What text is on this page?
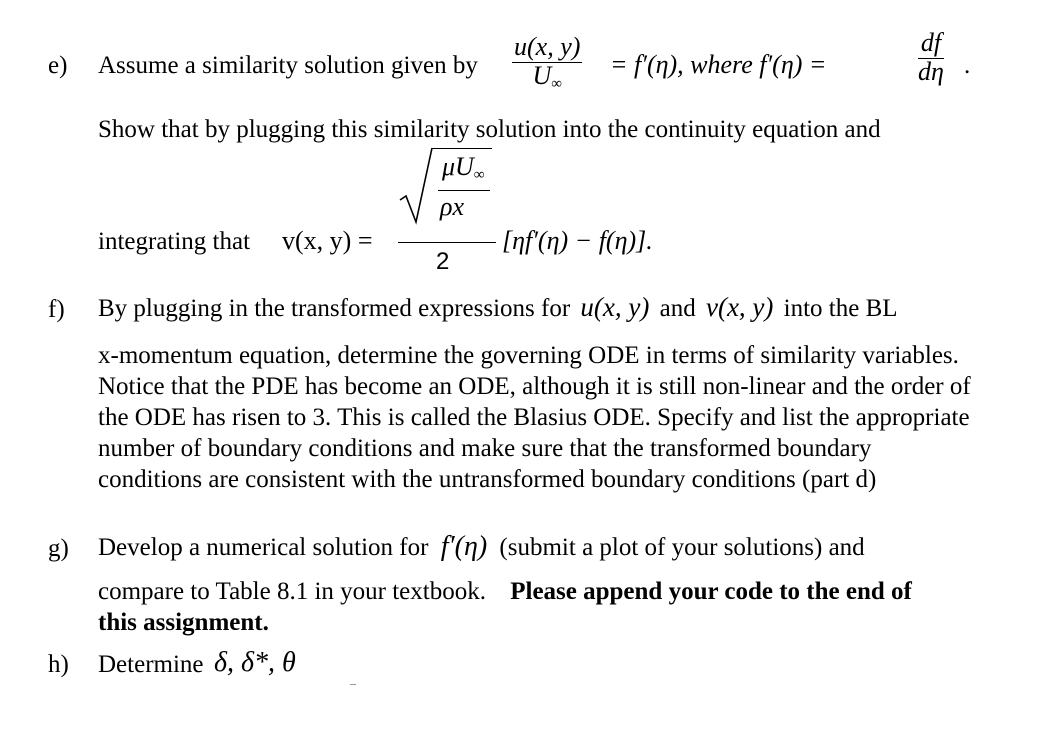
e) Assume a similarity solution given by
u(x, y)
$U_\infty$
= f′(η), where f′(η) =
df
dη .
Show that by plugging this similarity solution into the continuity equation and
integrating that v(x, y) =
$\mu U_\infty$
ρx
2
[ηf′(η) − f(η)].
f) By plugging in the transformed expressions for u(x, y) and v(x, y) into the BL
x-momentum equation, determine the governing ODE in terms of similarity variables. Notice that the PDE has become an ODE, although it is still non-linear and the order of the ODE has risen to 3. This is called the Blasius ODE. Specify and list the appropriate number of boundary conditions and make sure that the transformed boundary conditions are consistent with the untransformed boundary conditions (part d)
g) Develop a numerical solution for f′(η) (submit a plot of your solutions) and
compare to Table 8.1 in your textbook. Please append your code to the end of
this assignment.
h) Determine δ, δ*, θ
